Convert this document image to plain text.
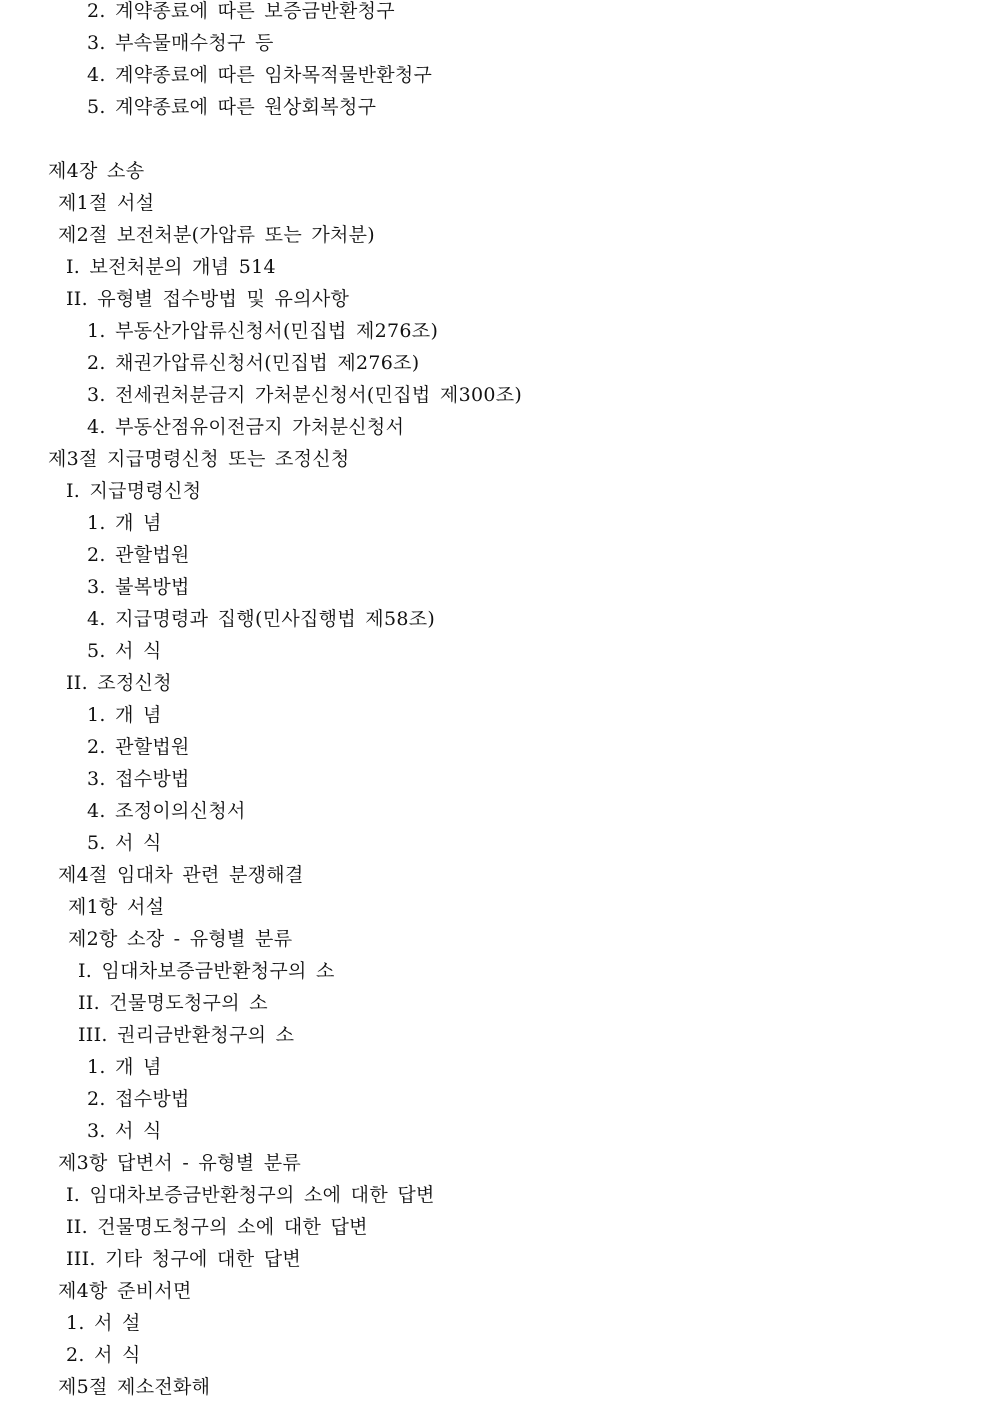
2. 계약종료에 따른 보증금반환청구
3. 부속물매수청구 등
4. 계약종료에 따른 임차목적물반환청구
5. 계약종료에 따른 원상회복청구
제4장 소송
제1절 서설
제2절 보전처분(가압류 또는 가처분)
I. 보전처분의 개념 514
II. 유형별 접수방법 및 유의사항
1. 부동산가압류신청서(민집법 제276조)
2. 채권가압류신청서(민집법 제276조)
3. 전세권처분금지 가처분신청서(민집법 제300조)
4. 부동산점유이전금지 가처분신청서
제3절 지급명령신청 또는 조정신청
I. 지급명령신청
1. 개 념
2. 관할법원
3. 불복방법
4. 지급명령과 집행(민사집행법 제58조)
5. 서 식
II. 조정신청
1. 개 념
2. 관할법원
3. 접수방법
4. 조정이의신청서
5. 서 식
제4절 임대차 관련 분쟁해결
제1항 서설
제2항 소장 - 유형별 분류
I. 임대차보증금반환청구의 소
II. 건물명도청구의 소
III. 권리금반환청구의 소
1. 개 념
2. 접수방법
3. 서 식
제3항 답변서 - 유형별 분류
I. 임대차보증금반환청구의 소에 대한 답변
II. 건물명도청구의 소에 대한 답변
III. 기타 청구에 대한 답변
제4항 준비서면
1. 서 설
2. 서 식
제5절 제소전화해
